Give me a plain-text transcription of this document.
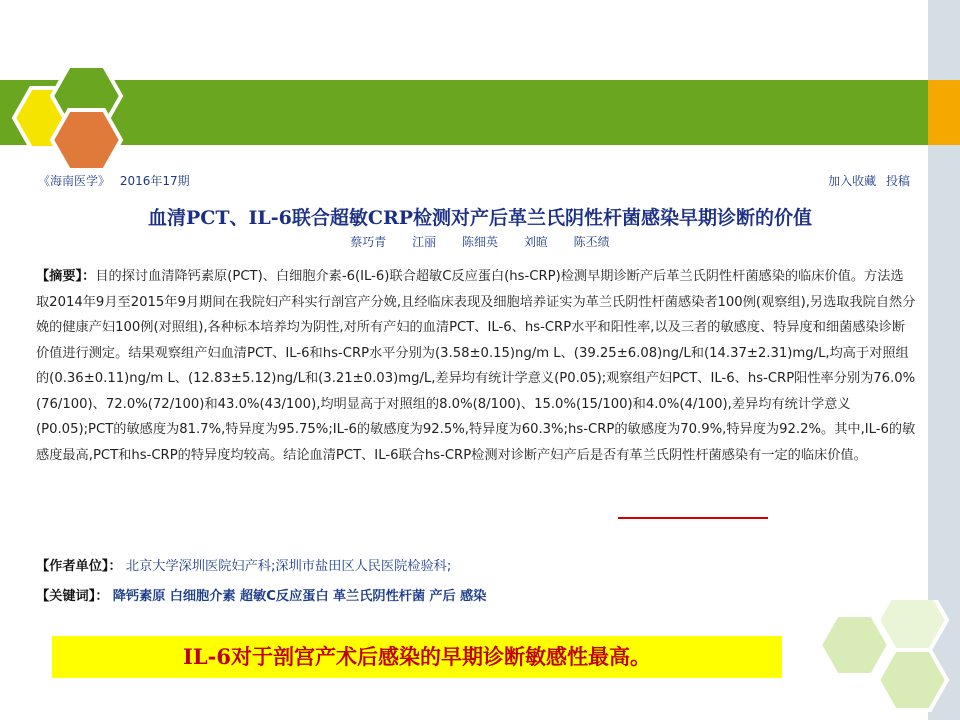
《海南医学》 2016年17期	加入收藏 投稿
血清PCT、IL-6联合超敏CRP检测对产后革兰氏阴性杆菌感染早期诊断的价值
蔡巧青 江丽 陈细英 刘暄 陈丕绩
【摘要】：目的探讨血清降钙素原(PCT)、白细胞介素-6(IL-6)联合超敏C反应蛋白(hs-CRP)检测早期诊断产后革兰氏阴性杆菌感染的临床价值。方法选取2014年9月至2015年9月期间在我院妇产科实行剖宫产分娩,且经临床表现及细胞培养证实为革兰氏阴性杆菌感染者100例(观察组),另选取我院自然分娩的健康产妇100例(对照组),各种标本培养均为阴性,对所有产妇的血清PCT、IL-6、hs-CRP水平和阳性率,以及三者的敏感度、特异度和细菌感染诊断价值进行测定。结果观察组产妇血清PCT、IL-6和hs-CRP水平分别为(3.58±0.15)ng/m L、(39.25±6.08)ng/L和(14.37±2.31)mg/L,均高于对照组的(0.36±0.11)ng/m L、(12.83±5.12)ng/L和(3.21±0.03)mg/L,差异均有统计学意义(P0.05);观察组产妇PCT、IL-6、hs-CRP阳性率分别为76.0%(76/100)、72.0%(72/100)和43.0%(43/100),均明显高于对照组的8.0%(8/100)、15.0%(15/100)和4.0%(4/100),差异均有统计学意义(P0.05);PCT的敏感度为81.7%,特异度为95.75%;IL-6的敏感度为92.5%,特异度为60.3%;hs-CRP的敏感度为70.9%,特异度为92.2%。其中,IL-6的敏感度最高,PCT和hs-CRP的特异度均较高。结论血清PCT、IL-6联合hs-CRP检测对诊断产妇产后是否有革兰氏阴性杆菌感染有一定的临床价值。
【作者单位】： 北京大学深圳医院妇产科;深圳市盐田区人民医院检验科;
【关键词】： 降钙素原 白细胞介素 超敏C反应蛋白 革兰氏阴性杆菌 产后 感染
IL-6对于剖宫产术后感染的早期诊断敏感性最高。
